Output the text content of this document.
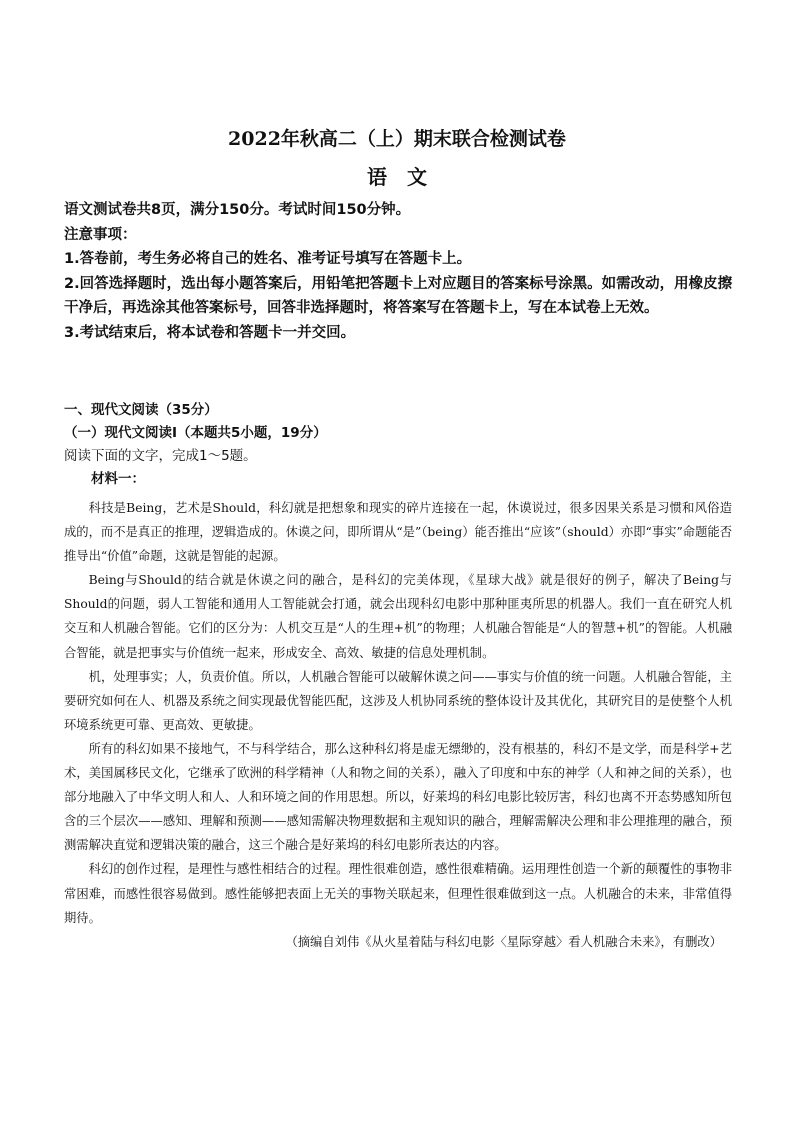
2022年秋高二（上）期末联合检测试卷
语文

语文测试卷共8页，满分150分。考试时间150分钟。

注意事项：

1.答卷前，考生务必将自己的姓名、准考证号填写在答题卡上。

2.回答选择题时，选出每小题答案后，用铅笔把答题卡上对应题目的答案标号涂黑。如需改动，用橡皮擦干净后，再选涂其他答案标号，回答非选择题时，将答案写在答题卡上，写在本试卷上无效。

3.考试结束后，将本试卷和答题卡一并交回。

一、现代文阅读（35分）

（一）现代文阅读Ⅰ（本题共5小题，19分）

阅读下面的文字，完成1～5题。

材料一：

科技是Being，艺术是Should，科幻就是把想象和现实的碎片连接在一起，休谟说过，很多因果关系是习惯和风俗造成的，而不是真正的推理，逻辑造成的。休谟之问，即所谓从“是”（being）能否推出“应该”（should）亦即“事实”命题能否推导出“价值”命题，这就是智能的起源。

Being与Should的结合就是休谟之问的融合，是科幻的完美体现，《星球大战》就是很好的例子，解决了Being与Should的问题，弱人工智能和通用人工智能就会打通，就会出现科幻电影中那种匪夷所思的机器人。我们一直在研究人机交互和人机融合智能。它们的区分为：人机交互是“人的生理+机”的物理；人机融合智能是“人的智慧+机”的智能。人机融合智能，就是把事实与价值统一起来，形成安全、高效、敏捷的信息处理机制。

机，处理事实；人，负责价值。所以，人机融合智能可以破解休谟之问——事实与价值的统一问题。人机融合智能，主要研究如何在人、机器及系统之间实现最优智能匹配，这涉及人机协同系统的整体设计及其优化，其研究目的是使整个人机环境系统更可靠、更高效、更敏捷。

所有的科幻如果不接地气，不与科学结合，那么这种科幻将是虚无缥缈的，没有根基的，科幻不是文学，而是科学+艺术，美国属移民文化，它继承了欧洲的科学精神（人和物之间的关系），融入了印度和中东的神学（人和神之间的关系），也部分地融入了中华文明人和人、人和环境之间的作用思想。所以，好莱坞的科幻电影比较厉害，科幻也离不开态势感知所包含的三个层次——感知、理解和预测——感知需解决物理数据和主观知识的融合，理解需解决公理和非公理推理的融合，预测需解决直觉和逻辑决策的融合，这三个融合是好莱坞的科幻电影所表达的内容。

科幻的创作过程，是理性与感性相结合的过程。理性很难创造，感性很难精确。运用理性创造一个新的颠覆性的事物非常困难，而感性很容易做到。感性能够把表面上无关的事物关联起来，但理性很难做到这一点。人机融合的未来，非常值得期待。

（摘编自刘伟《从火星着陆与科幻电影〈星际穿越〉看人机融合未来》，有删改）
